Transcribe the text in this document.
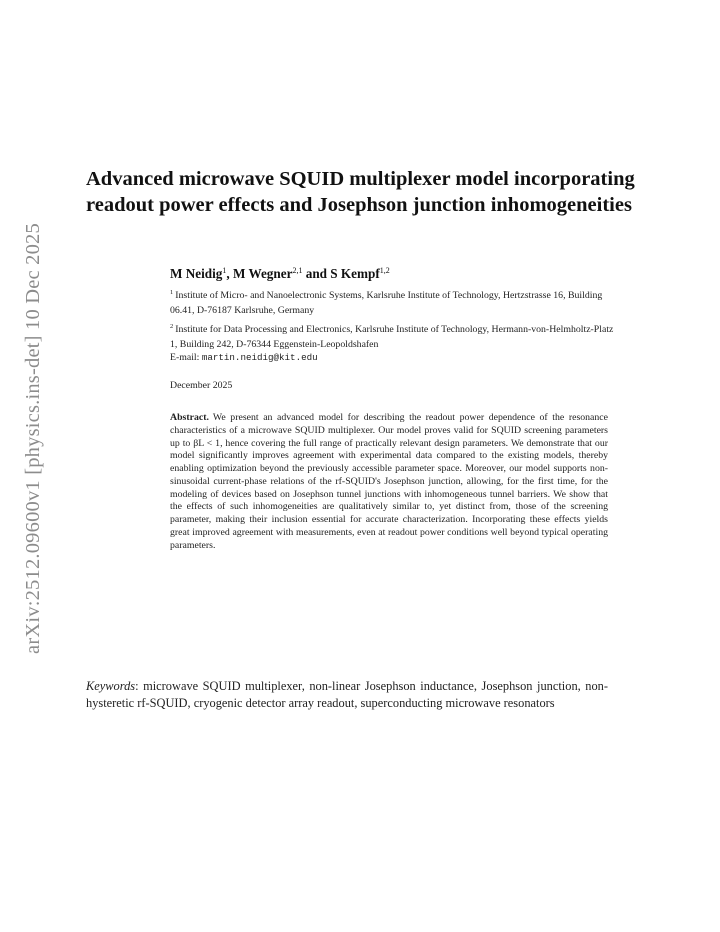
arXiv:2512.09600v1 [physics.ins-det] 10 Dec 2025
Advanced microwave SQUID multiplexer model incorporating readout power effects and Josephson junction inhomogeneities
M Neidig$^1$, M Wegner$^{2,1}$ and S Kempf$^{1,2}$
$^1$ Institute of Micro- and Nanoelectronic Systems, Karlsruhe Institute of Technology, Hertzstrasse 16, Building 06.41, D-76187 Karlsruhe, Germany
$^2$ Institute for Data Processing and Electronics, Karlsruhe Institute of Technology, Hermann-von-Helmholtz-Platz 1, Building 242, D-76344 Eggenstein-Leopoldshafen
E-mail: martin.neidig@kit.edu
December 2025
Abstract. We present an advanced model for describing the readout power dependence of the resonance characteristics of a microwave SQUID multiplexer. Our model proves valid for SQUID screening parameters up to βL < 1, hence covering the full range of practically relevant design parameters. We demonstrate that our model significantly improves agreement with experimental data compared to the existing models, thereby enabling optimization beyond the previously accessible parameter space. Moreover, our model supports non-sinusoidal current-phase relations of the rf-SQUID's Josephson junction, allowing, for the first time, for the modeling of devices based on Josephson tunnel junctions with inhomogeneous tunnel barriers. We show that the effects of such inhomogeneities are qualitatively similar to, yet distinct from, those of the screening parameter, making their inclusion essential for accurate characterization. Incorporating these effects yields great improved agreement with measurements, even at readout power conditions well beyond typical operating parameters.
Keywords: microwave SQUID multiplexer, non-linear Josephson inductance, Josephson junction, non-hysteretic rf-SQUID, cryogenic detector array readout, superconducting microwave resonators
